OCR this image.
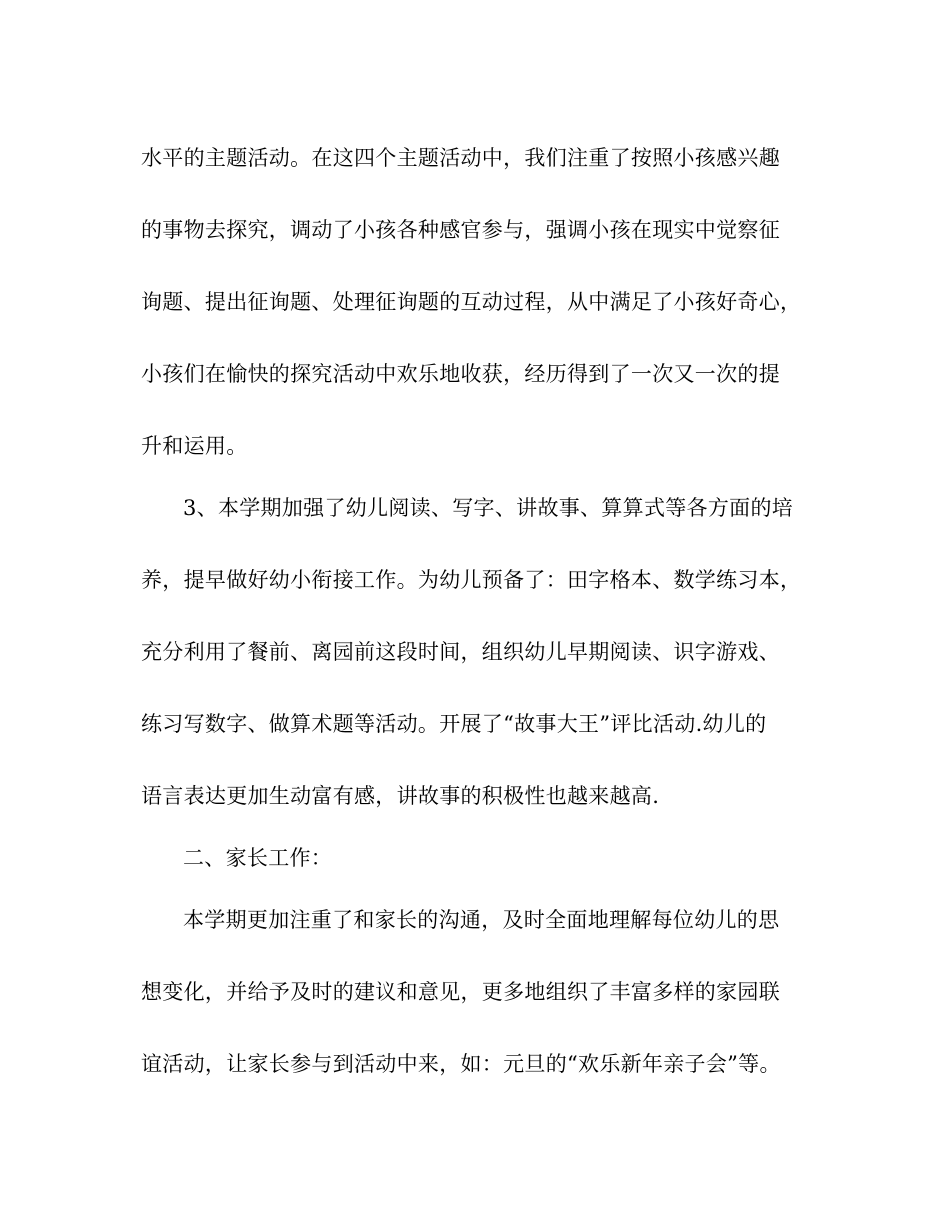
水平的主题活动。在这四个主题活动中，我们注重了按照小孩感兴趣
的事物去探究，调动了小孩各种感官参与，强调小孩在现实中觉察征
询题、提出征询题、处理征询题的互动过程，从中满足了小孩好奇心，
小孩们在愉快的探究活动中欢乐地收获，经历得到了一次又一次的提
升和运用。
3、本学期加强了幼儿阅读、写字、讲故事、算算式等各方面的培
养，提早做好幼小衔接工作。为幼儿预备了：田字格本、数学练习本，
充分利用了餐前、离园前这段时间，组织幼儿早期阅读、识字游戏、
练习写数字、做算术题等活动。开展了“故事大王”评比活动.幼儿的
语言表达更加生动富有感，讲故事的积极性也越来越高.
二、家长工作：
本学期更加注重了和家长的沟通，及时全面地理解每位幼儿的思
想变化，并给予及时的建议和意见，更多地组织了丰富多样的家园联
谊活动，让家长参与到活动中来，如：元旦的“欢乐新年亲子会”等。
